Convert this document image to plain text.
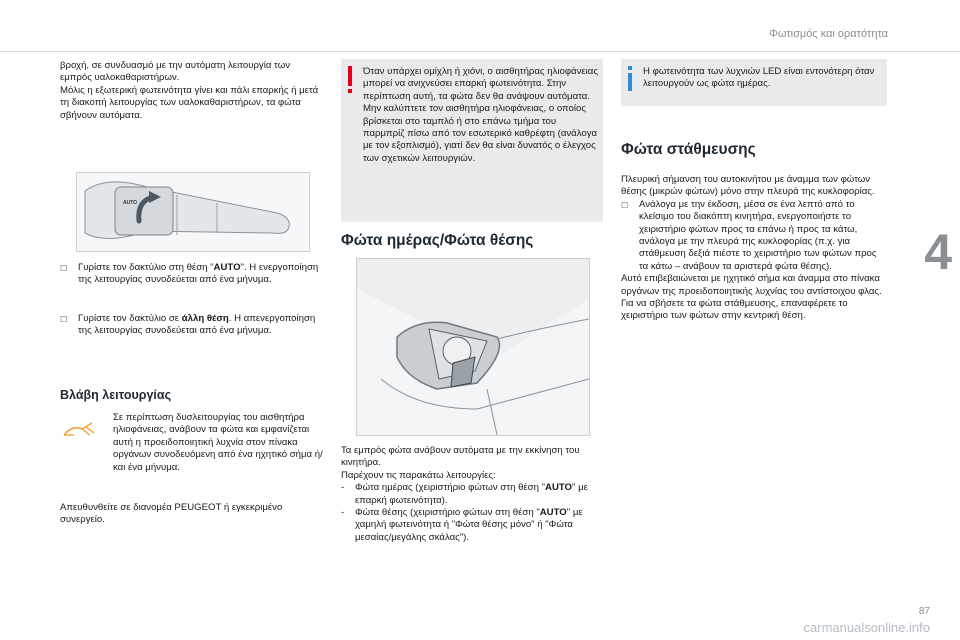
Φωτισμός και ορατότητα
4

βροχή, σε συνδυασμό με την αυτόματη λειτουργία των εμπρός υαλοκαθαριστήρων.

Μόλις η εξωτερική φωτεινότητα γίνει και πάλι επαρκής ή μετά τη διακοπή λειτουργίας των υαλοκαθαριστήρων, τα φώτα σβήνουν αυτόματα.

AUTO
☐ Γυρίστε τον δακτύλιο στη θέση "AUTO". Η ενεργοποίηση της λειτουργίας συνοδεύεται από ένα μήνυμα.
☐ Γυρίστε τον δακτύλιο σε άλλη θέση. Η απενεργοποίηση της λειτουργίας συνοδεύεται από ένα μήνυμα.
Βλάβη λειτουργίας

Σε περίπτωση δυσλειτουργίας του αισθητήρα ηλιοφάνειας, ανάβουν τα φώτα και εμφανίζεται αυτή η προειδοποιητική λυχνία στον πίνακα οργάνων συνοδευόμενη από ένα ηχητικό σήμα ή/και ένα μήνυμα.

Απευθυνθείτε σε διανομέα PEUGEOT ή εγκεκριμένο συνεργείο.

Όταν υπάρχει ομίχλη ή χιόνι, ο αισθητήρας ηλιοφάνειας μπορεί να ανιχνεύσει επαρκή φωτεινότητα. Στην περίπτωση αυτή, τα φώτα δεν θα ανάψουν αυτόματα.

Μην καλύπτετε τον αισθητήρα ηλιοφάνειας, ο οποίος βρίσκεται στο ταμπλό ή στο επάνω τμήμα του παρμπρίζ πίσω από τον εσωτερικό καθρέφτη (ανάλογα με τον εξοπλισμό), γιατί δεν θα είναι δυνατός ο έλεγχος των σχετικών λειτουργιών.

Φώτα ημέρας/Φώτα θέσης

Τα εμπρός φώτα ανάβουν αυτόματα με την εκκίνηση του κινητήρα.

Παρέχουν τις παρακάτω λειτουργίες:

-	Φώτα ημέρας (χειριστήριο φώτων στη θέση "AUTO" με επαρκή φωτεινότητα).
-	Φώτα θέσης (χειριστήριο φώτων στη θέση "AUTO" με χαμηλή φωτεινότητα ή "Φώτα θέσης μόνο" ή "Φώτα μεσαίας/μεγάλης σκάλας").

Η φωτεινότητα των λυχνιών LED είναι εντονότερη όταν λειτουργούν ως φώτα ημέρας.

Φώτα στάθμευσης

Πλευρική σήμανση του αυτοκινήτου με άναμμα των φώτων θέσης (μικρών φώτων) μόνο στην πλευρά της κυκλοφορίας.

☐ Ανάλογα με την έκδοση, μέσα σε ένα λεπτό από το κλείσιμο του διακόπτη κινητήρα, ενεργοποιήστε το χειριστήριο φώτων προς τα επάνω ή προς τα κάτω, ανάλογα με την πλευρά της κυκλοφορίας (π.χ. για στάθμευση δεξιά πιέστε το χειριστήριο των φώτων προς τα κάτω – ανάβουν τα αριστερά φώτα θέσης).

Αυτό επιβεβαιώνεται με ηχητικό σήμα και άναμμα στο πίνακα οργάνων της προειδοποιητικής λυχνίας του αντίστοιχου φλας.

Για να σβήσετε τα φώτα στάθμευσης, επαναφέρετε το χειριστήριο των φώτων στην κεντρική θέση.

87
carmanualsonline.info
